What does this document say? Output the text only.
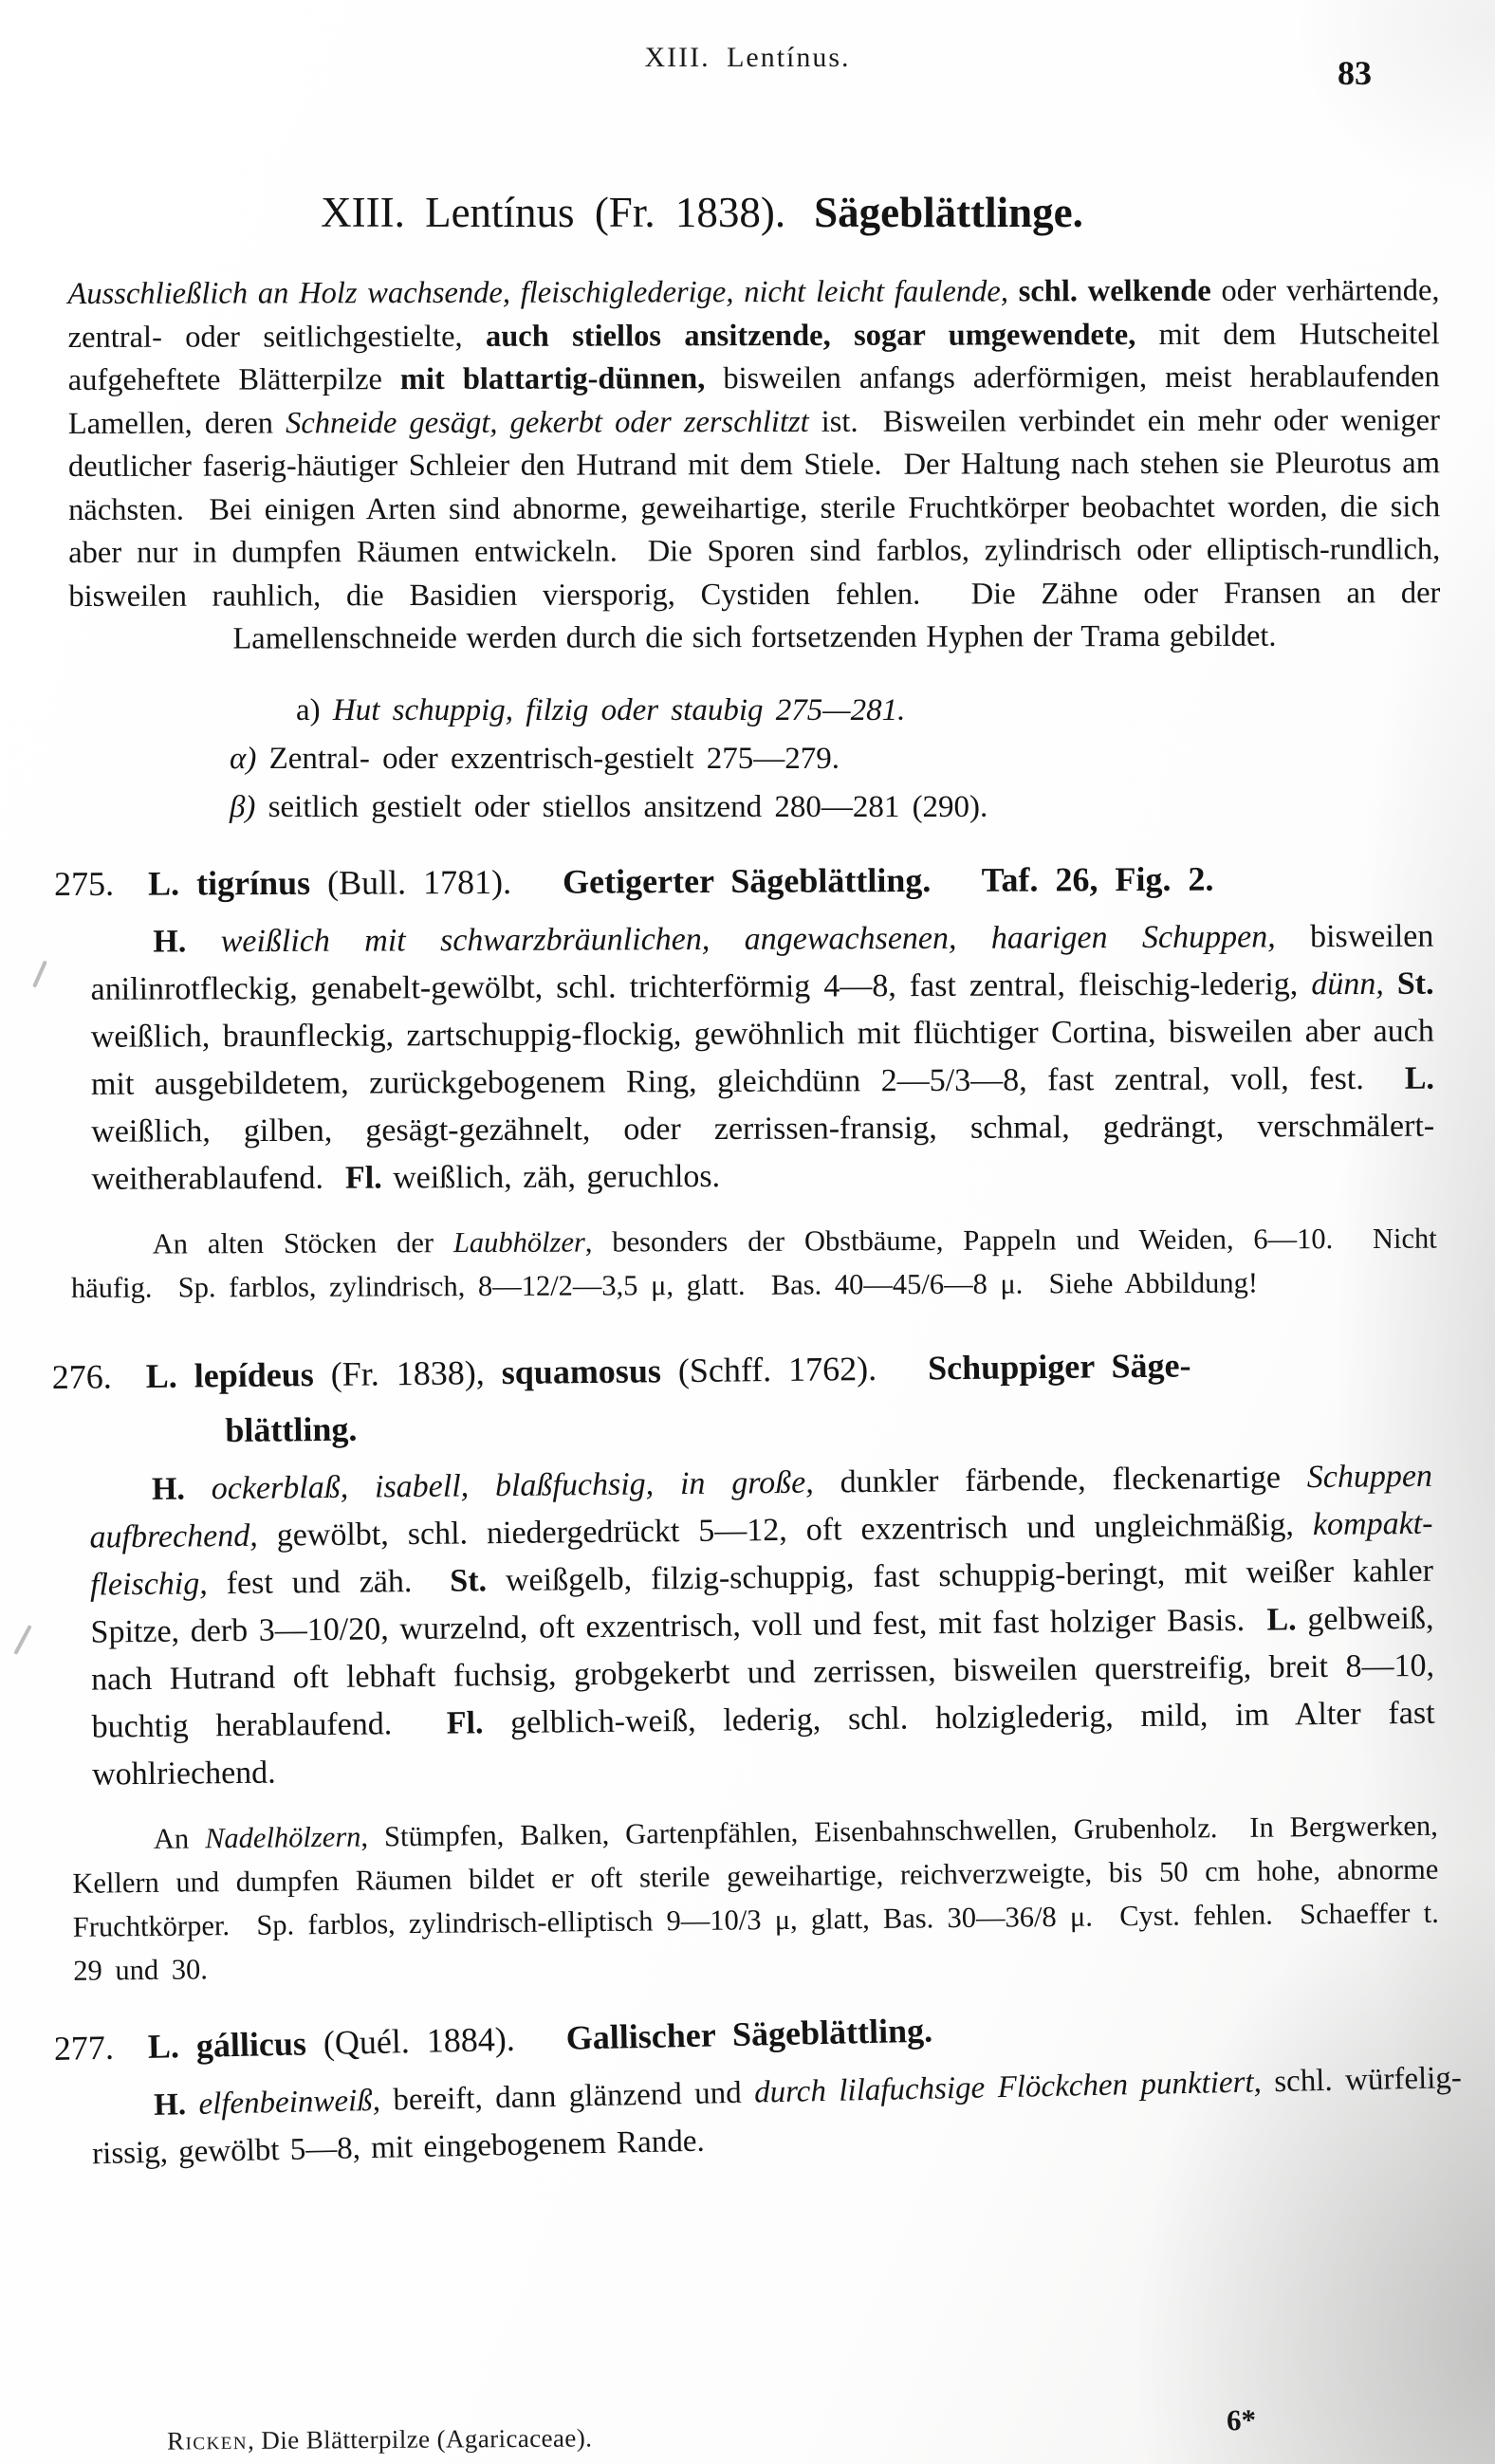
XIII. Lentínus.	83
XIII. Lentínus (Fr. 1838). Sägeblättlinge.

Ausschließlich an Holz wachsende, fleischiglederige, nicht leicht faulende, schl. welkende oder verhärtende, zentral- oder seitlichgestielte, auch stiellos ansitzende, sogar umgewendete, mit dem Hutscheitel aufgeheftete Blätterpilze mit blattartig-dünnen, bisweilen anfangs aderförmigen, meist herablaufenden Lamellen, deren Schneide gesägt, gekerbt oder zerschlitzt ist.  Bisweilen verbindet ein mehr oder weniger deutlicher faserig-häutiger Schleier den Hutrand mit dem Stiele.  Der Haltung nach stehen sie Pleurotus am nächsten.  Bei einigen Arten sind abnorme, geweihartige, sterile Fruchtkörper beobachtet worden, die sich aber nur in dumpfen Räumen entwickeln.  Die Sporen sind farblos, zylindrisch oder elliptisch-rundlich, bisweilen rauhlich, die Basidien viersporig, Cystiden fehlen.  Die Zähne oder Fransen an der Lamellenschneide werden durch die sich fortsetzenden Hyphen der Trama gebildet.

a) Hut schuppig, filzig oder staubig 275—281.
α) Zentral- oder exzentrisch-gestielt 275—279.
β) seitlich gestielt oder stiellos ansitzend 280—281 (290).
275.  L. tigrínus (Bull. 1781).   Getigerter Sägeblättling.   Taf. 26, Fig. 2.

H. weißlich mit schwarzbräunlichen, angewachsenen, haarigen Schuppen, bisweilen anilinrotfleckig, genabelt-gewölbt, schl. trichterförmig 4—8, fast zentral, fleischig-lederig, dünn, St. weißlich, braunfleckig, zartschuppig-flockig, gewöhnlich mit flüchtiger Cortina, bisweilen aber auch mit ausgebildetem, zurückgebogenem Ring, gleichdünn 2—5/3—8, fast zentral, voll, fest.  L. weißlich, gilben, gesägt-gezähnelt, oder zerrissen-fransig, schmal, gedrängt, verschmälert-weitherablaufend.  Fl. weißlich, zäh, geruchlos.

An alten Stöcken der Laubhölzer, besonders der Obstbäume, Pappeln und Weiden, 6—10.  Nicht häufig.  Sp. farblos, zylindrisch, 8—12/2—3,5 μ, glatt.  Bas. 40—45/6—8 μ.  Siehe Abbildung!

276.  L. lepídeus (Fr. 1838), squamosus (Schff. 1762).   Schuppiger Säge-
blättling.

H. ockerblaß, isabell, blaßfuchsig, in große, dunkler färbende, fleckenartige Schuppen aufbrechend, gewölbt, schl. niedergedrückt 5—12, oft exzentrisch und ungleichmäßig, kompakt-fleischig, fest und zäh.  St. weißgelb, filzig-schuppig, fast schuppig-beringt, mit weißer kahler Spitze, derb 3—10/20, wurzelnd, oft exzentrisch, voll und fest, mit fast holziger Basis.  L. gelbweiß, nach Hutrand oft lebhaft fuchsig, grobgekerbt und zerrissen, bisweilen querstreifig, breit 8—10, buchtig herablaufend.  Fl. gelblich-weiß, lederig, schl. holziglederig, mild, im Alter fast wohlriechend.

An Nadelhölzern, Stümpfen, Balken, Gartenpfählen, Eisenbahnschwellen, Grubenholz.  In Bergwerken, Kellern und dumpfen Räumen bildet er oft sterile geweihartige, reichverzweigte, bis 50 cm hohe, abnorme Fruchtkörper.  Sp. farblos, zylindrisch-elliptisch 9—10/3 μ, glatt, Bas. 30—36/8 μ.  Cyst. fehlen.  Schaeffer t. 29 und 30.

277.  L. gállicus (Quél. 1884).   Gallischer Sägeblättling.

H. elfenbeinweiß, bereift, dann glänzend und durch lilafuchsige Flöckchen punktiert, schl. würfelig-rissig, gewölbt 5—8, mit eingebogenem Rande.

6*
Ricken, Die Blätterpilze (Agaricaceae).
